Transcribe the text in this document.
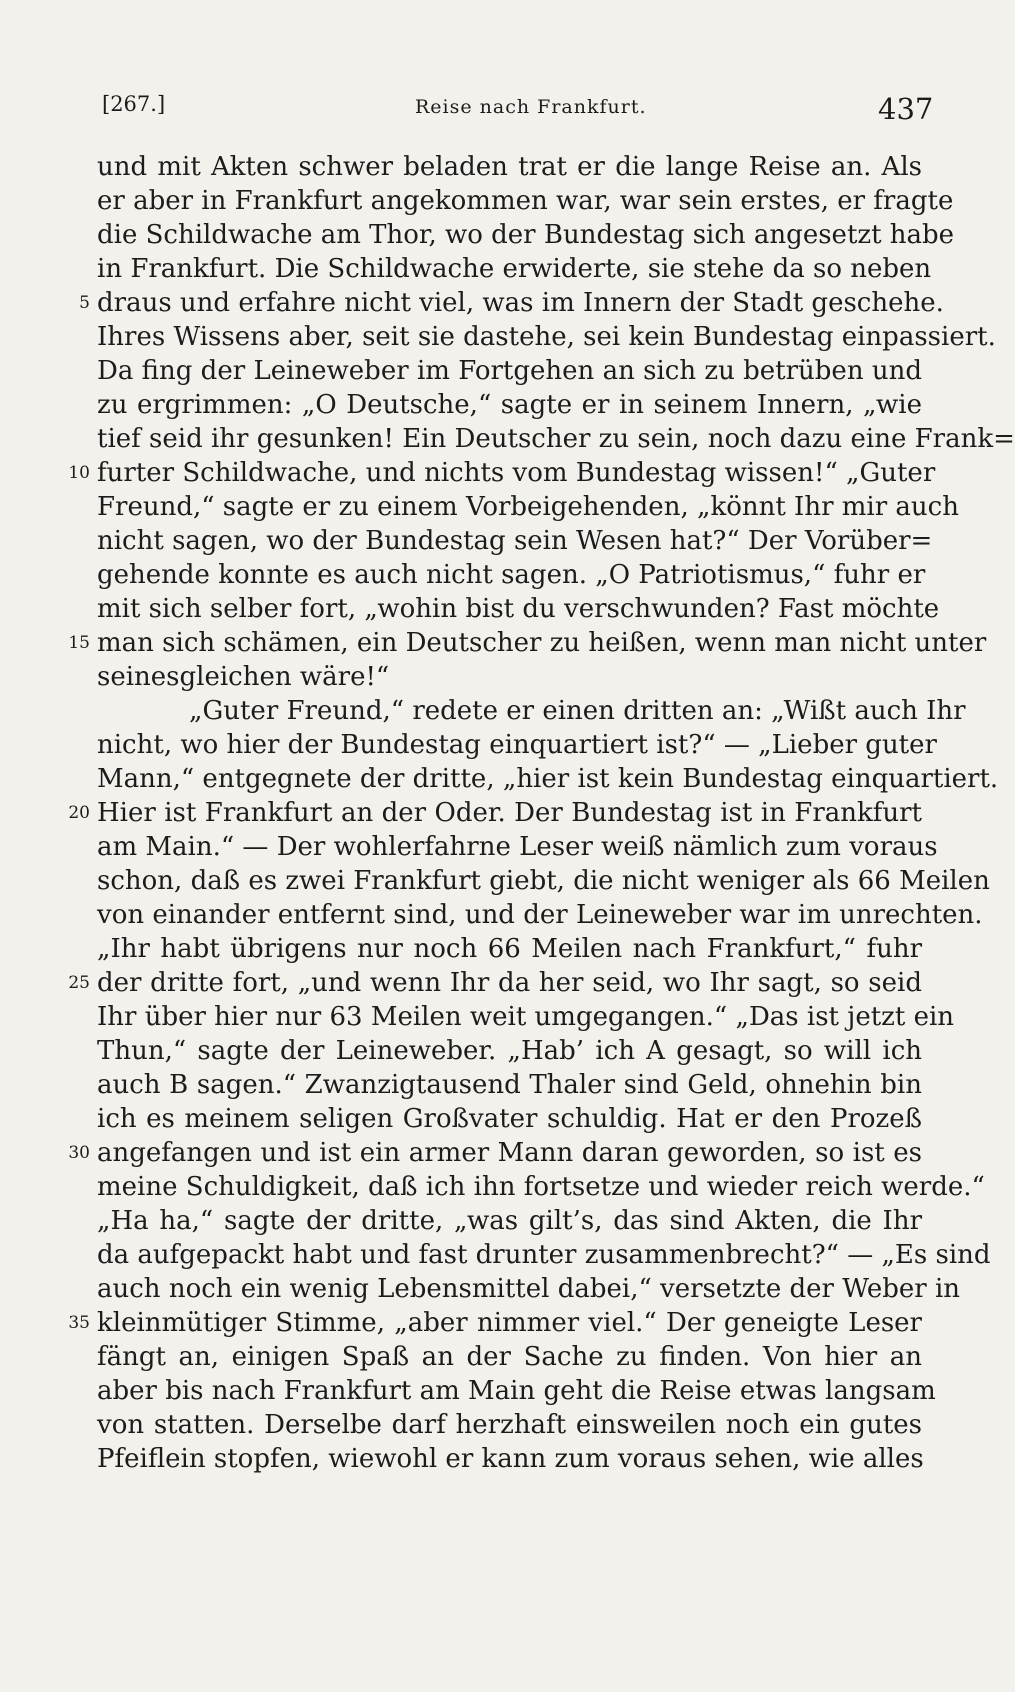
[267.]	Reise nach Frankfurt.	437
und mit Akten schwer beladen trat er die lange Reise an. Als
er aber in Frankfurt angekommen war, war sein erstes, er fragte
die Schildwache am Thor, wo der Bundestag sich angesetzt habe
in Frankfurt. Die Schildwache erwiderte, sie stehe da so neben
draus und erfahre nicht viel, was im Innern der Stadt geschehe.
5
Ihres Wissens aber, seit sie dastehe, sei kein Bundestag einpassiert.
Da fing der Leineweber im Fortgehen an sich zu betrüben und
zu ergrimmen: „O Deutsche,“ sagte er in seinem Innern, „wie
tief seid ihr gesunken! Ein Deutscher zu sein, noch dazu eine Frank=
furter Schildwache, und nichts vom Bundestag wissen!“ „Guter
10
Freund,“ sagte er zu einem Vorbeigehenden, „könnt Ihr mir auch
nicht sagen, wo der Bundestag sein Wesen hat?“ Der Vorüber=
gehende konnte es auch nicht sagen. „O Patriotismus,“ fuhr er
mit sich selber fort, „wohin bist du verschwunden? Fast möchte
man sich schämen, ein Deutscher zu heißen, wenn man nicht unter
15
seinesgleichen wäre!“
„Guter Freund,“ redete er einen dritten an: „Wißt auch Ihr
nicht, wo hier der Bundestag einquartiert ist?“ — „Lieber guter
Mann,“ entgegnete der dritte, „hier ist kein Bundestag einquartiert.
Hier ist Frankfurt an der Oder. Der Bundestag ist in Frankfurt
20
am Main.“ — Der wohlerfahrne Leser weiß nämlich zum voraus
schon, daß es zwei Frankfurt giebt, die nicht weniger als 66 Meilen
von einander entfernt sind, und der Leineweber war im unrechten.
„Ihr habt übrigens nur noch 66 Meilen nach Frankfurt,“ fuhr
der dritte fort, „und wenn Ihr da her seid, wo Ihr sagt, so seid
25
Ihr über hier nur 63 Meilen weit umgegangen.“ „Das ist jetzt ein
Thun,“ sagte der Leineweber. „Hab’ ich A gesagt, so will ich
auch B sagen.“ Zwanzigtausend Thaler sind Geld, ohnehin bin
ich es meinem seligen Großvater schuldig. Hat er den Prozeß
angefangen und ist ein armer Mann daran geworden, so ist es
30
meine Schuldigkeit, daß ich ihn fortsetze und wieder reich werde.“
„Ha ha,“ sagte der dritte, „was gilt’s, das sind Akten, die Ihr
da aufgepackt habt und fast drunter zusammenbrecht?“ — „Es sind
auch noch ein wenig Lebensmittel dabei,“ versetzte der Weber in
kleinmütiger Stimme, „aber nimmer viel.“ Der geneigte Leser
35
fängt an, einigen Spaß an der Sache zu finden. Von hier an
aber bis nach Frankfurt am Main geht die Reise etwas langsam
von statten. Derselbe darf herzhaft einsweilen noch ein gutes
Pfeiflein stopfen, wiewohl er kann zum voraus sehen, wie alles
